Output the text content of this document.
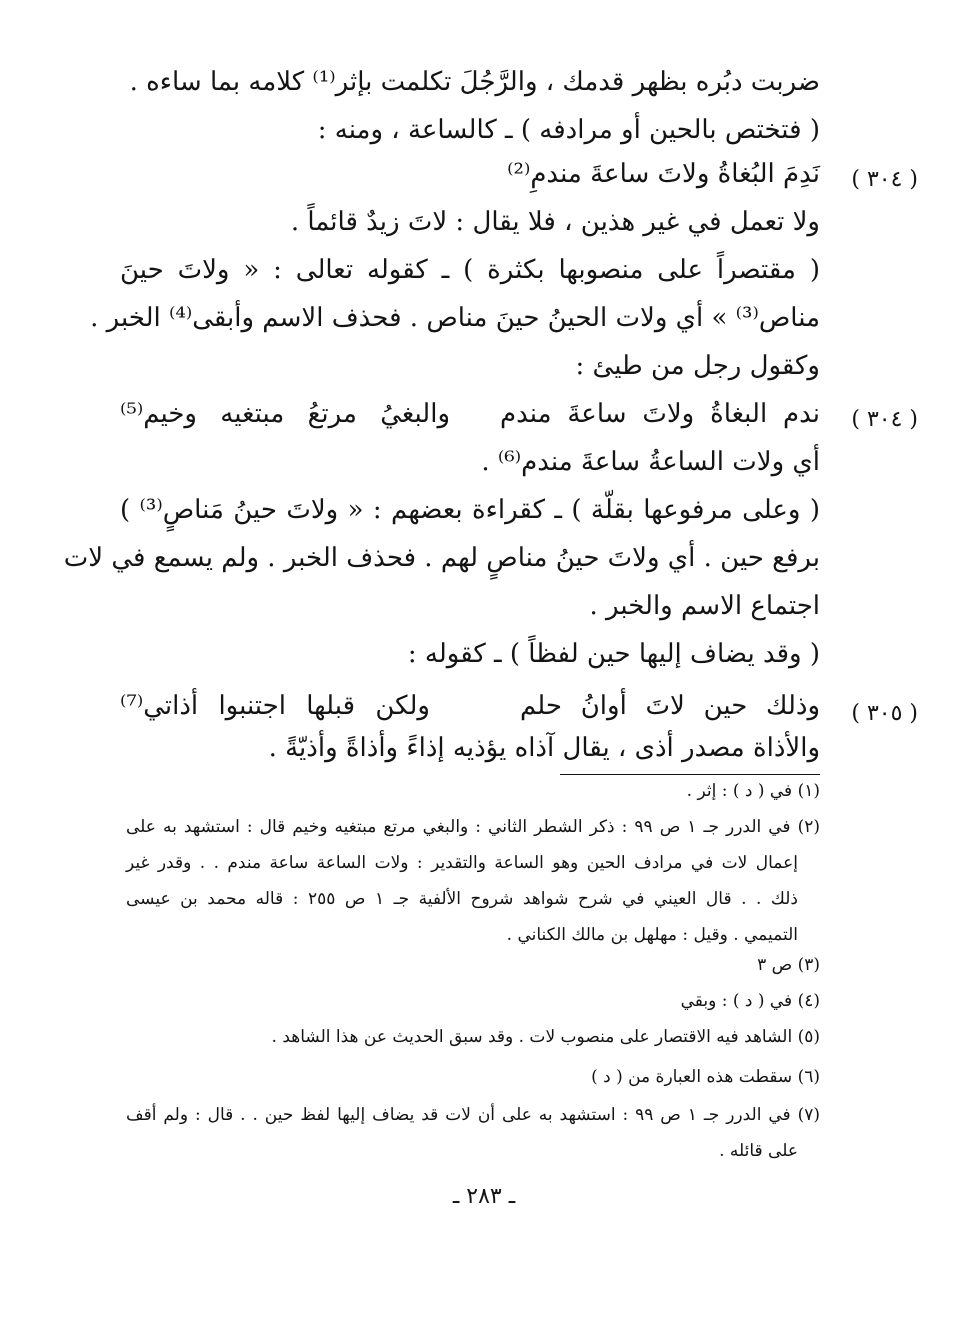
ضربت دبُره بظهر قدمك ، والرَّجُلَ تكلمت بإثر⁽¹⁾ كلامه بما ساءه .
( فتختص بالحين أو مرادفه ) ـ كالساعة ، ومنه :
( ٣٠٤ )
نَدِمَ البُغاةُ ولاتَ ساعةَ مندمِ⁽²⁾
ولا تعمل في غير هذين ، فلا يقال : لاتَ زيدٌ قائماً .
( مقتصراً على منصوبها بكثرة ) ـ كقوله تعالى : « ولاتَ حينَ
مناص⁽³⁾ » أي ولات الحينُ حينَ مناص . فحذف الاسم وأبقى⁽⁴⁾ الخبر .
وكقول رجل من طيئ :
( ٣٠٤ )
ندم البغاةُ ولاتَ ساعةَ مندم
والبغيُ مرتعُ مبتغيه وخيم⁽⁵⁾
أي ولات الساعةُ ساعةَ مندم⁽⁶⁾ .
( وعلى مرفوعها بقلّة ) ـ كقراءة بعضهم : « ولاتَ حينُ مَناصٍ⁽³⁾ )
برفع حين . أي ولاتَ حينُ مناصٍ لهم . فحذف الخبر . ولم يسمع في لات
اجتماع الاسم والخبر .
( وقد يضاف إليها حين لفظاً ) ـ كقوله :
( ٣٠٥ )
وذلك حين لاتَ أوانُ حلم
ولكن قبلها اجتنبوا أذاتي⁽⁷⁾
والأذاة مصدر أذى ، يقال آذاه يؤذيه إذاءً وأذاةً وأذيّةً .
(١) في ( د ) : إثر .
(٢) في الدرر جـ ١ ص ٩٩ : ذكر الشطر الثاني : والبغي مرتع مبتغيه وخيم قال : استشهد به على
إعمال لات في مرادف الحين وهو الساعة والتقدير : ولات الساعة ساعة مندم . . وقدر غير
ذلك . . قال العيني في شرح شواهد شروح الألفية جـ ١ ص ٢٥٥ : قاله محمد بن عيسى
التميمي . وقيل : مهلهل بن مالك الكناني .
(٣) ص ٣
(٤) في ( د ) : وبقي
(٥) الشاهد فيه الاقتصار على منصوب لات . وقد سبق الحديث عن هذا الشاهد .
(٦) سقطت هذه العبارة من ( د )
(٧) في الدرر جـ ١ ص ٩٩ : استشهد به على أن لات قد يضاف إليها لفظ حين . . قال : ولم أقف
على قائله .
ـ ٢٨٣ ـ
